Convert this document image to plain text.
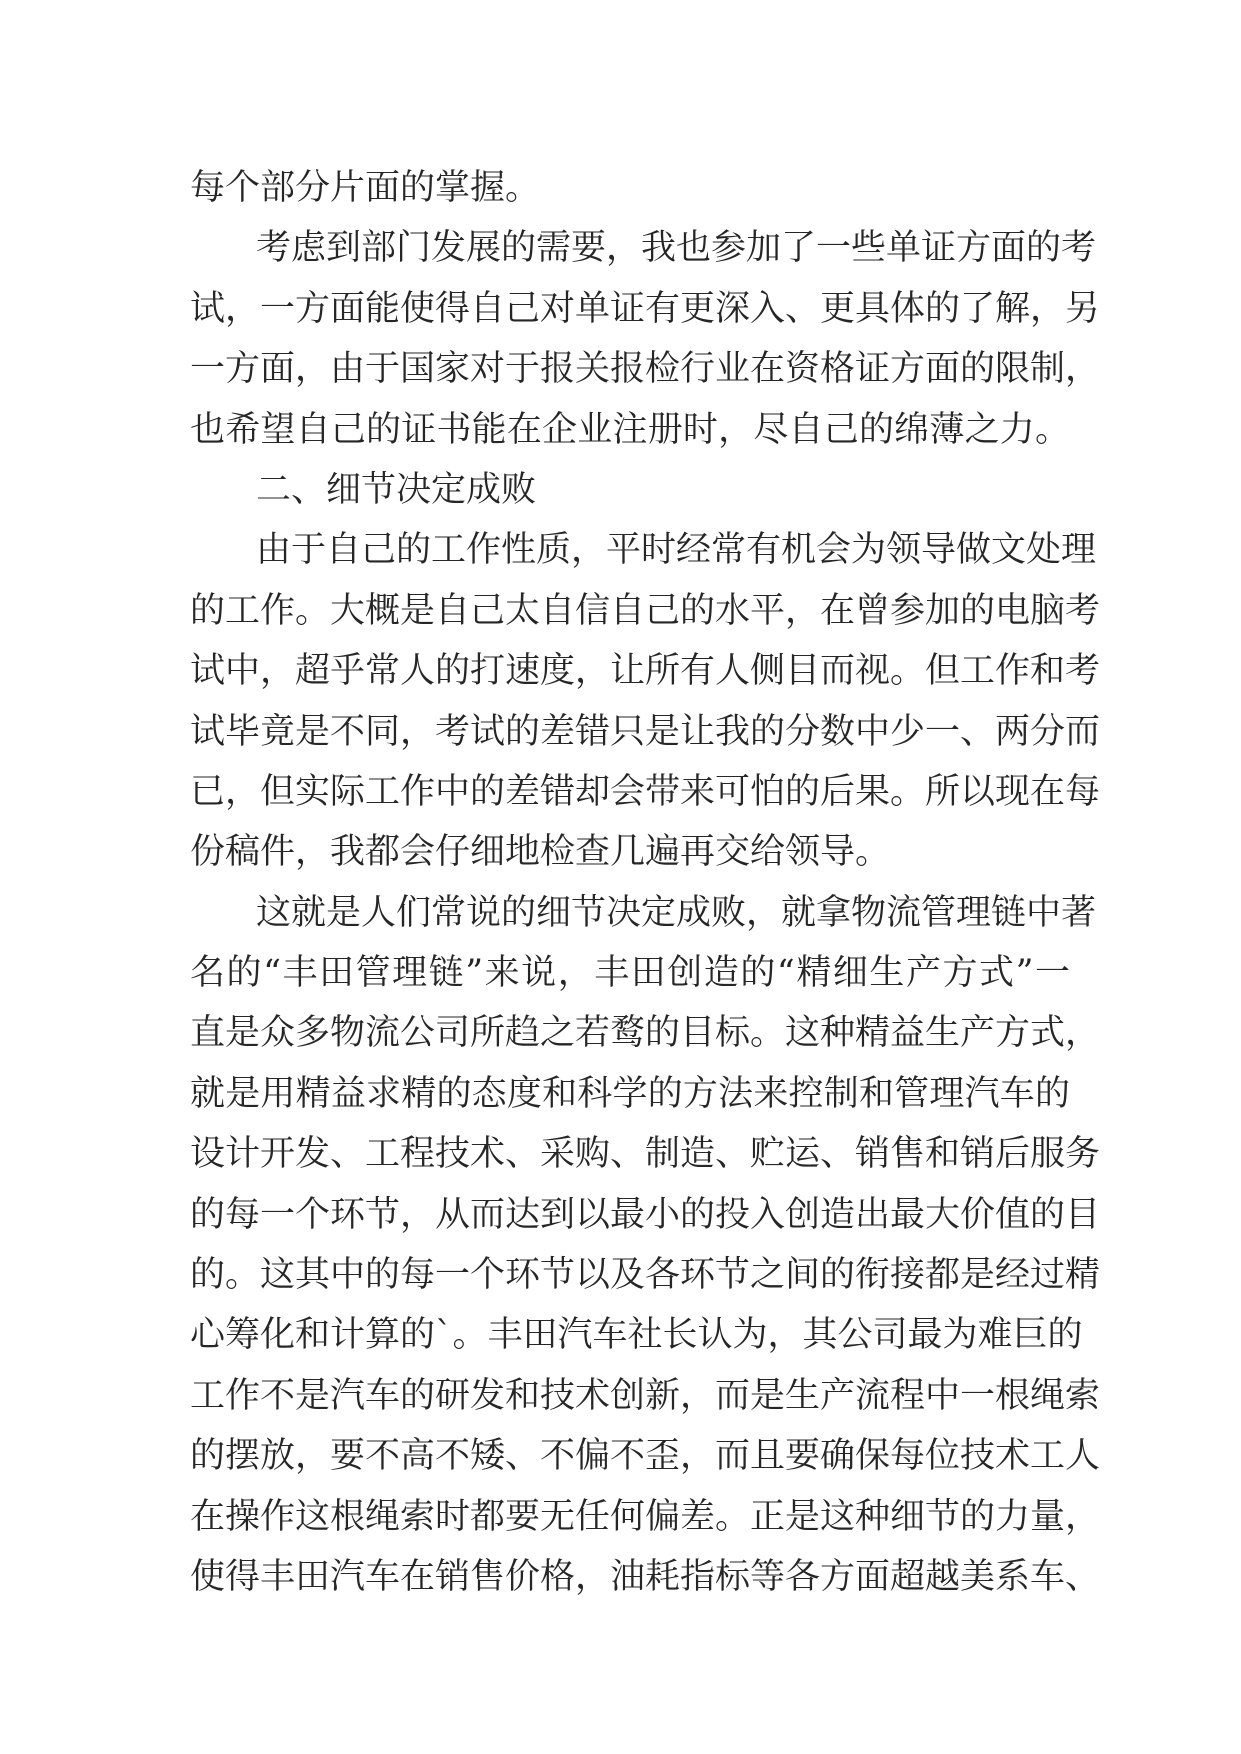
每个部分片面的掌握。
考虑到部门发展的需要，我也参加了一些单证方面的考
试，一方面能使得自己对单证有更深入、更具体的了解，另
一方面，由于国家对于报关报检行业在资格证方面的限制，
也希望自己的证书能在企业注册时，尽自己的绵薄之力。
二、细节决定成败
由于自己的工作性质，平时经常有机会为领导做文处理
的工作。大概是自己太自信自己的水平，在曾参加的电脑考
试中，超乎常人的打速度，让所有人侧目而视。但工作和考
试毕竟是不同，考试的差错只是让我的分数中少一、两分而
已，但实际工作中的差错却会带来可怕的后果。所以现在每
份稿件，我都会仔细地检查几遍再交给领导。
这就是人们常说的细节决定成败，就拿物流管理链中著
名的“丰田管理链”来说，丰田创造的“精细生产方式”一
直是众多物流公司所趋之若鹜的目标。这种精益生产方式，
就是用精益求精的态度和科学的方法来控制和管理汽车的
设计开发、工程技术、采购、制造、贮运、销售和销后服务
的每一个环节，从而达到以最小的投入创造出最大价值的目
的。这其中的每一个环节以及各环节之间的衔接都是经过精
心筹化和计算的`。丰田汽车社长认为，其公司最为难巨的
工作不是汽车的研发和技术创新，而是生产流程中一根绳索
的摆放，要不高不矮、不偏不歪，而且要确保每位技术工人
在操作这根绳索时都要无任何偏差。正是这种细节的力量，
使得丰田汽车在销售价格，油耗指标等各方面超越美系车、
